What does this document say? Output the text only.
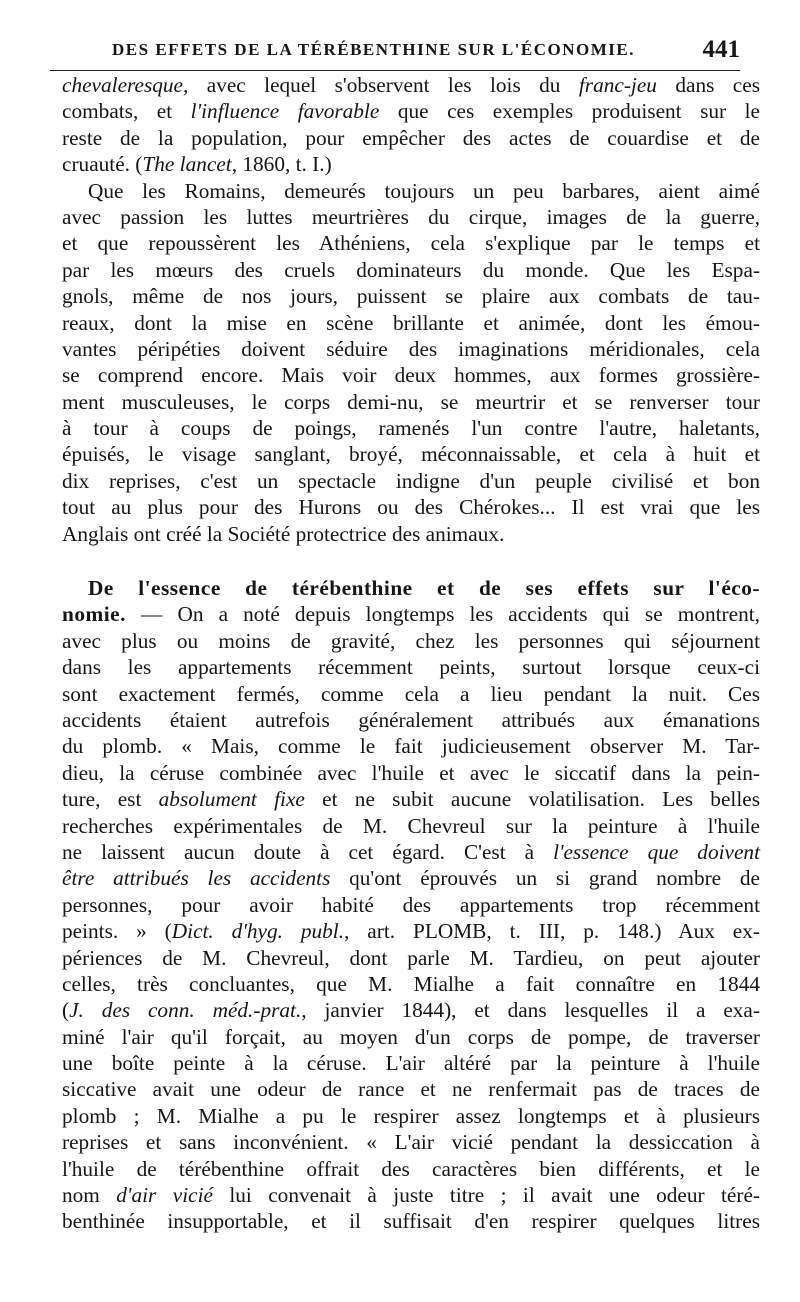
DES EFFETS DE LA TÉRÉBENTHINE SUR L'ÉCONOMIE.	441
chevaleresque, avec lequel s'observent les lois du franc-jeu dans ces
combats, et l'influence favorable que ces exemples produisent sur le
reste de la population, pour empêcher des actes de couardise et de
cruauté. (The lancet, 1860, t. I.)
Que les Romains, demeurés toujours un peu barbares, aient aimé
avec passion les luttes meurtrières du cirque, images de la guerre,
et que repoussèrent les Athéniens, cela s'explique par le temps et
par les mœurs des cruels dominateurs du monde. Que les Espa-
gnols, même de nos jours, puissent se plaire aux combats de tau-
reaux, dont la mise en scène brillante et animée, dont les émou-
vantes péripéties doivent séduire des imaginations méridionales, cela
se comprend encore. Mais voir deux hommes, aux formes grossière-
ment musculeuses, le corps demi-nu, se meurtrir et se renverser tour
à tour à coups de poings, ramenés l'un contre l'autre, haletants,
épuisés, le visage sanglant, broyé, méconnaissable, et cela à huit et
dix reprises, c'est un spectacle indigne d'un peuple civilisé et bon
tout au plus pour des Hurons ou des Chérokes... Il est vrai que les
Anglais ont créé la Société protectrice des animaux.
De l'essence de térébenthine et de ses effets sur l'éco-
nomie. — On a noté depuis longtemps les accidents qui se montrent,
avec plus ou moins de gravité, chez les personnes qui séjournent
dans les appartements récemment peints, surtout lorsque ceux-ci
sont exactement fermés, comme cela a lieu pendant la nuit. Ces
accidents étaient autrefois généralement attribués aux émanations
du plomb. « Mais, comme le fait judicieusement observer M. Tar-
dieu, la céruse combinée avec l'huile et avec le siccatif dans la pein-
ture, est absolument fixe et ne subit aucune volatilisation. Les belles
recherches expérimentales de M. Chevreul sur la peinture à l'huile
ne laissent aucun doute à cet égard. C'est à l'essence que doivent
être attribués les accidents qu'ont éprouvés un si grand nombre de
personnes, pour avoir habité des appartements trop récemment
peints. » (Dict. d'hyg. publ., art. PLOMB, t. III, p. 148.) Aux ex-
périences de M. Chevreul, dont parle M. Tardieu, on peut ajouter
celles, très concluantes, que M. Mialhe a fait connaître en 1844
(J. des conn. méd.-prat., janvier 1844), et dans lesquelles il a exa-
miné l'air qu'il forçait, au moyen d'un corps de pompe, de traverser
une boîte peinte à la céruse. L'air altéré par la peinture à l'huile
siccative avait une odeur de rance et ne renfermait pas de traces de
plomb ; M. Mialhe a pu le respirer assez longtemps et à plusieurs
reprises et sans inconvénient. « L'air vicié pendant la dessiccation à
l'huile de térébenthine offrait des caractères bien différents, et le
nom d'air vicié lui convenait à juste titre ; il avait une odeur téré-
benthinée insupportable, et il suffisait d'en respirer quelques litres
